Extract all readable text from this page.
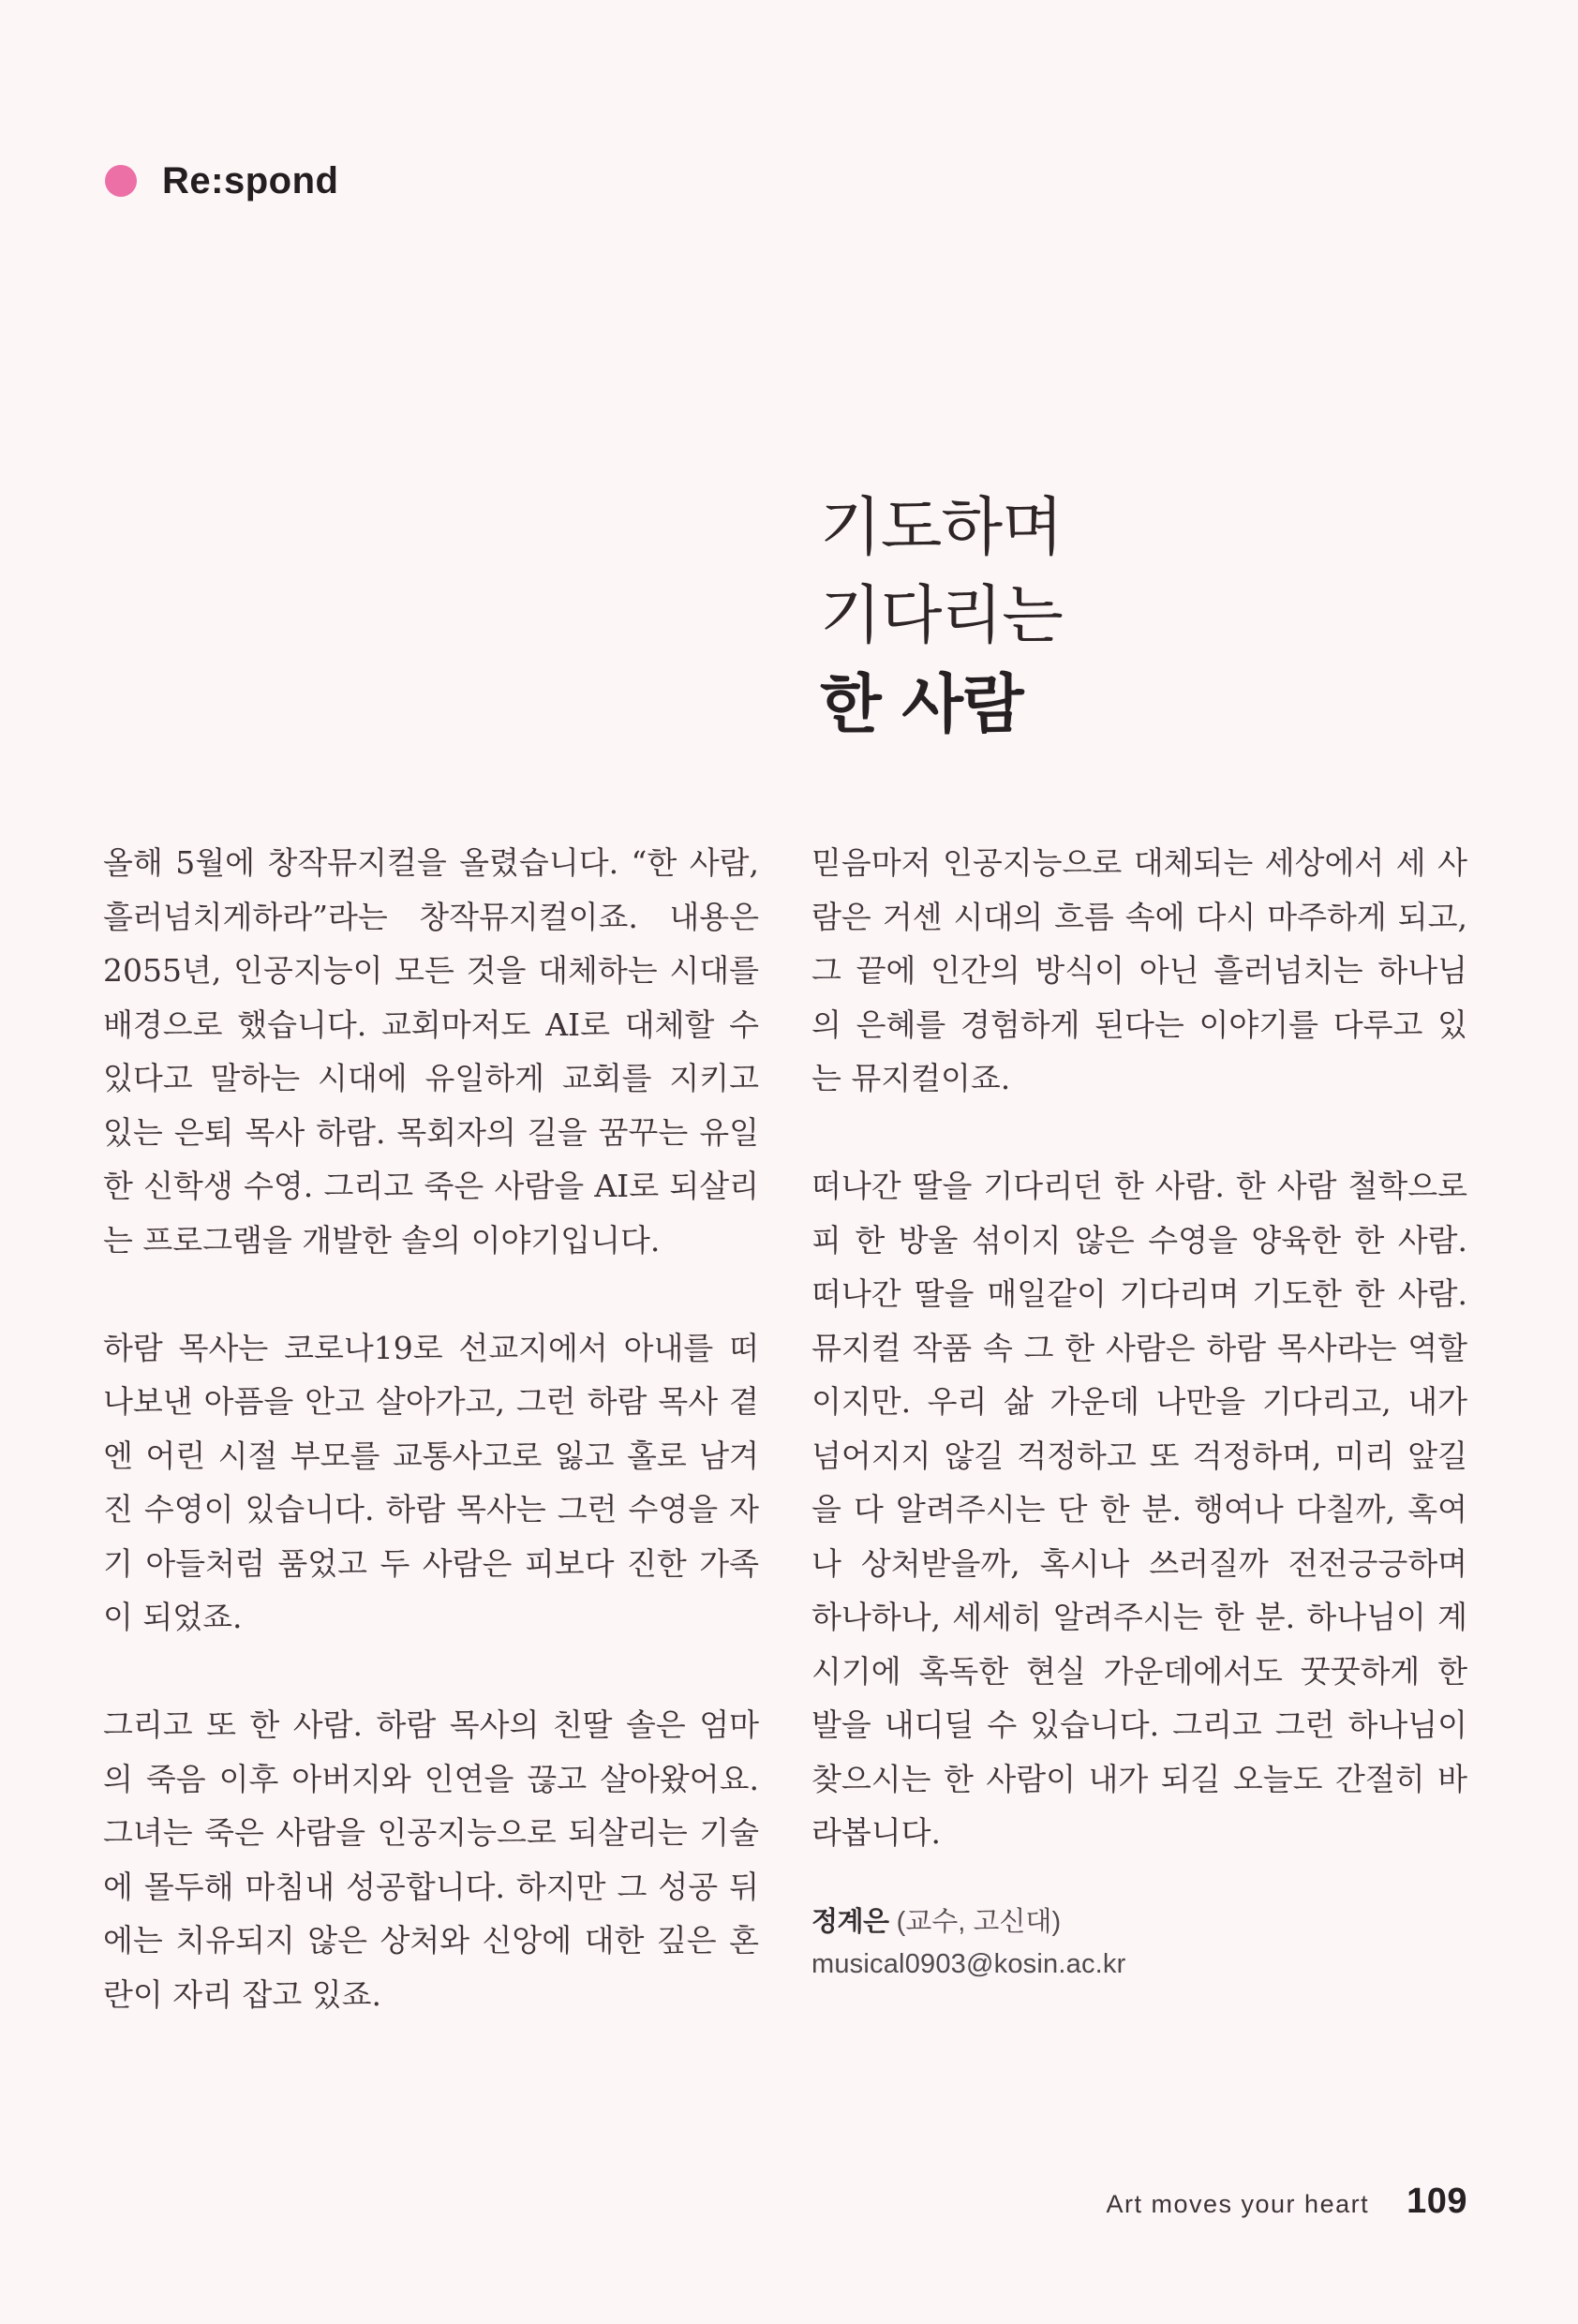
Re:spond
기도하며
기다리는
한 사람

올해 5월에 창작뮤지컬을 올렸습니다. “한 사람, 흘러넘치게하라”라는 창작뮤지컬이죠. 내용은 2055년, 인공지능이 모든 것을 대체하는 시대를 배경으로 했습니다. 교회마저도 AI로 대체할 수 있다고 말하는 시대에 유일하게 교회를 지키고 있는 은퇴 목사 하람. 목회자의 길을 꿈꾸는 유일한 신학생 수영. 그리고 죽은 사람을 AI로 되살리는 프로그램을 개발한 솔의 이야기입니다.

하람 목사는 코로나19로 선교지에서 아내를 떠나보낸 아픔을 안고 살아가고, 그런 하람 목사 곁엔 어린 시절 부모를 교통사고로 잃고 홀로 남겨진 수영이 있습니다. 하람 목사는 그런 수영을 자기 아들처럼 품었고 두 사람은 피보다 진한 가족이 되었죠.

그리고 또 한 사람. 하람 목사의 친딸 솔은 엄마의 죽음 이후 아버지와 인연을 끊고 살아왔어요. 그녀는 죽은 사람을 인공지능으로 되살리는 기술에 몰두해 마침내 성공합니다. 하지만 그 성공 뒤에는 치유되지 않은 상처와 신앙에 대한 깊은 혼란이 자리 잡고 있죠.

믿음마저 인공지능으로 대체되는 세상에서 세 사람은 거센 시대의 흐름 속에 다시 마주하게 되고, 그 끝에 인간의 방식이 아닌 흘러넘치는 하나님의 은혜를 경험하게 된다는 이야기를 다루고 있는 뮤지컬이죠.

떠나간 딸을 기다리던 한 사람. 한 사람 철학으로 피 한 방울 섞이지 않은 수영을 양육한 한 사람. 떠나간 딸을 매일같이 기다리며 기도한 한 사람. 뮤지컬 작품 속 그 한 사람은 하람 목사라는 역할이지만. 우리 삶 가운데 나만을 기다리고, 내가 넘어지지 않길 걱정하고 또 걱정하며, 미리 앞길을 다 알려주시는 단 한 분. 행여나 다칠까, 혹여나 상처받을까, 혹시나 쓰러질까 전전긍긍하며 하나하나, 세세히 알려주시는 한 분. 하나님이 계시기에 혹독한 현실 가운데에서도 꿋꿋하게 한 발을 내디딜 수 있습니다. 그리고 그런 하나님이 찾으시는 한 사람이 내가 되길 오늘도 간절히 바라봅니다.

정계은 (교수, 고신대)
musical0903@kosin.ac.kr
Art moves your heart 109
